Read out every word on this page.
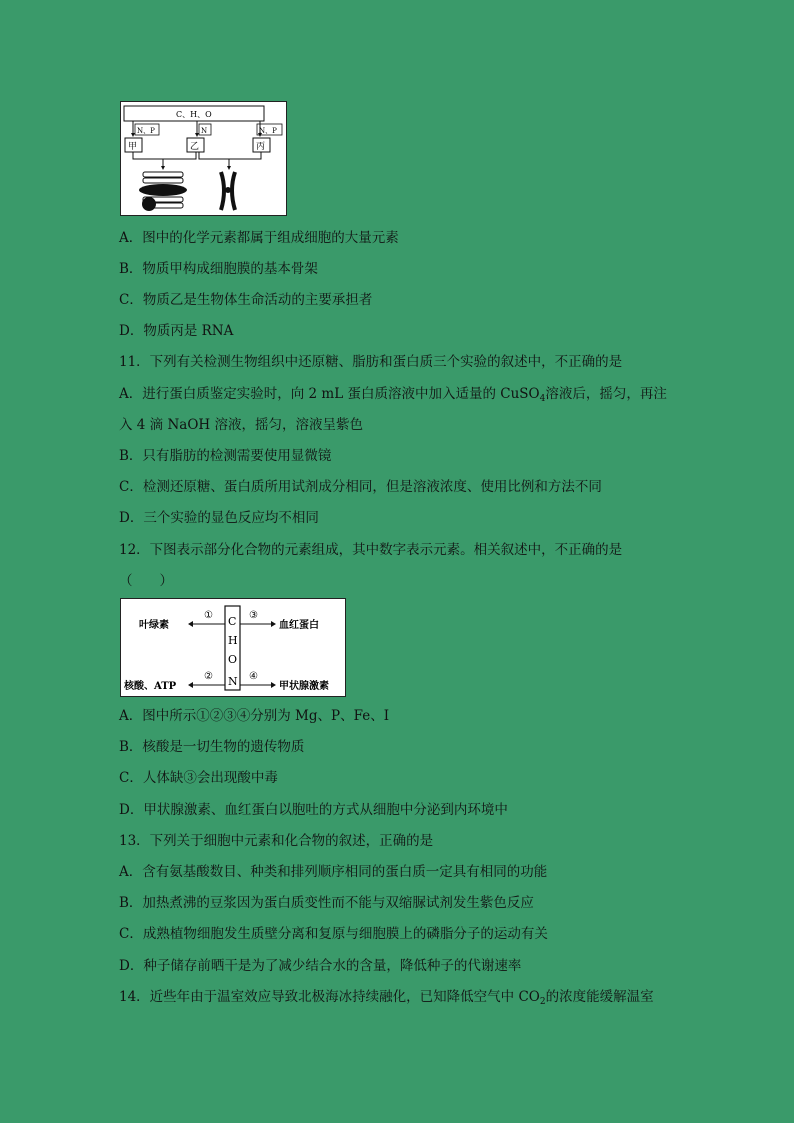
C、H、O
N、P	N	N、P
甲	乙	丙
A．图中的化学元素都属于组成细胞的大量元素
B．物质甲构成细胞膜的基本骨架
C．物质乙是生物体生命活动的主要承担者
D．物质丙是 RNA
11．下列有关检测生物组织中还原糖、脂肪和蛋白质三个实验的叙述中，不正确的是
A．进行蛋白质鉴定实验时，向 2 mL 蛋白质溶液中加入适量的 CuSO$_4$溶液后，摇匀，再注
入 4 滴 NaOH 溶液，摇匀，溶液呈紫色
B．只有脂肪的检测需要使用显微镜
C．检测还原糖、蛋白质所用试剂成分相同，但是溶液浓度、使用比例和方法不同
D．三个实验的显色反应均不相同
12．下图表示部分化合物的元素组成，其中数字表示元素。相关叙述中，不正确的是
（　　）
C
H
O
N
①
叶绿素
③
血红蛋白
②
核酸、ATP
④
甲状腺激素
A．图中所示①②③④分别为 Mg、P、Fe、I
B．核酸是一切生物的遗传物质
C．人体缺③会出现酸中毒
D．甲状腺激素、血红蛋白以胞吐的方式从细胞中分泌到内环境中
13．下列关于细胞中元素和化合物的叙述，正确的是
A．含有氨基酸数目、种类和排列顺序相同的蛋白质一定具有相同的功能
B．加热煮沸的豆浆因为蛋白质变性而不能与双缩脲试剂发生紫色反应
C．成熟植物细胞发生质壁分离和复原与细胞膜上的磷脂分子的运动有关
D．种子储存前晒干是为了减少结合水的含量，降低种子的代谢速率
14．近些年由于温室效应导致北极海冰持续融化，已知降低空气中 $CO_2$的浓度能缓解温室
